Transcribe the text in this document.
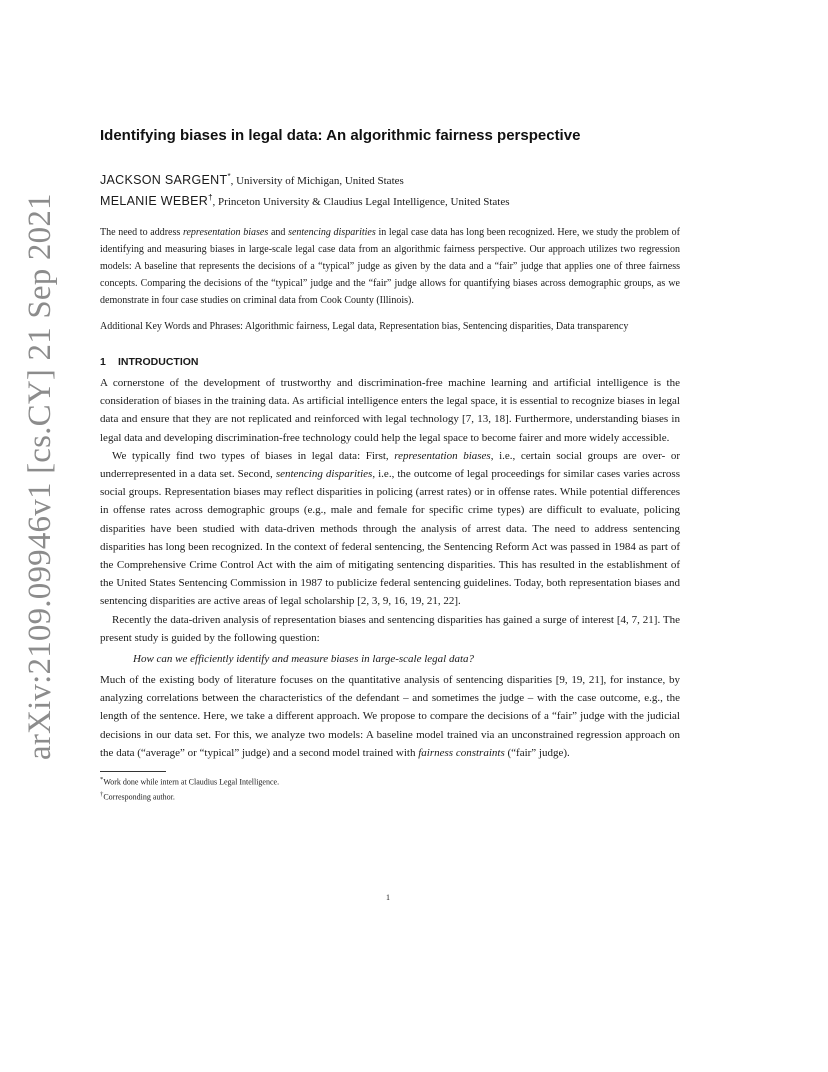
arXiv:2109.09946v1 [cs.CY] 21 Sep 2021
Identifying biases in legal data: An algorithmic fairness perspective
JACKSON SARGENT*, University of Michigan, United States
MELANIE WEBER†, Princeton University & Claudius Legal Intelligence, United States

The need to address representation biases and sentencing disparities in legal case data has long been recognized. Here, we study the problem of identifying and measuring biases in large-scale legal case data from an algorithmic fairness perspective. Our approach utilizes two regression models: A baseline that represents the decisions of a “typical” judge as given by the data and a “fair” judge that applies one of three fairness concepts. Comparing the decisions of the “typical” judge and the “fair” judge allows for quantifying biases across demographic groups, as we demonstrate in four case studies on criminal data from Cook County (Illinois).

Additional Key Words and Phrases: Algorithmic fairness, Legal data, Representation bias, Sentencing disparities, Data transparency

1 INTRODUCTION

A cornerstone of the development of trustworthy and discrimination-free machine learning and artificial intelligence is the consideration of biases in the training data. As artificial intelligence enters the legal space, it is essential to recognize biases in legal data and ensure that they are not replicated and reinforced with legal technology [7, 13, 18]. Furthermore, understanding biases in legal data and developing discrimination-free technology could help the legal space to become fairer and more widely accessible.

We typically find two types of biases in legal data: First, representation biases, i.e., certain social groups are over- or underrepresented in a data set. Second, sentencing disparities, i.e., the outcome of legal proceedings for similar cases varies across social groups. Representation biases may reflect disparities in policing (arrest rates) or in offense rates. While potential differences in offense rates across demographic groups (e.g., male and female for specific crime types) are difficult to evaluate, policing disparities have been studied with data-driven methods through the analysis of arrest data. The need to address sentencing disparities has long been recognized. In the context of federal sentencing, the Sentencing Reform Act was passed in 1984 as part of the Comprehensive Crime Control Act with the aim of mitigating sentencing disparities. This has resulted in the establishment of the United States Sentencing Commission in 1987 to publicize federal sentencing guidelines. Today, both representation biases and sentencing disparities are active areas of legal scholarship [2, 3, 9, 16, 19, 21, 22].

Recently the data-driven analysis of representation biases and sentencing disparities has gained a surge of interest [4, 7, 21]. The present study is guided by the following question:

How can we efficiently identify and measure biases in large-scale legal data?

Much of the existing body of literature focuses on the quantitative analysis of sentencing disparities [9, 19, 21], for instance, by analyzing correlations between the characteristics of the defendant – and sometimes the judge – with the case outcome, e.g., the length of the sentence. Here, we take a different approach. We propose to compare the decisions of a “fair” judge with the judicial decisions in our data set. For this, we analyze two models: A baseline model trained via an unconstrained regression approach on the data (“average” or “typical” judge) and a second model trained with fairness constraints (“fair” judge).

*Work done while intern at Claudius Legal Intelligence.
†Corresponding author.
1
